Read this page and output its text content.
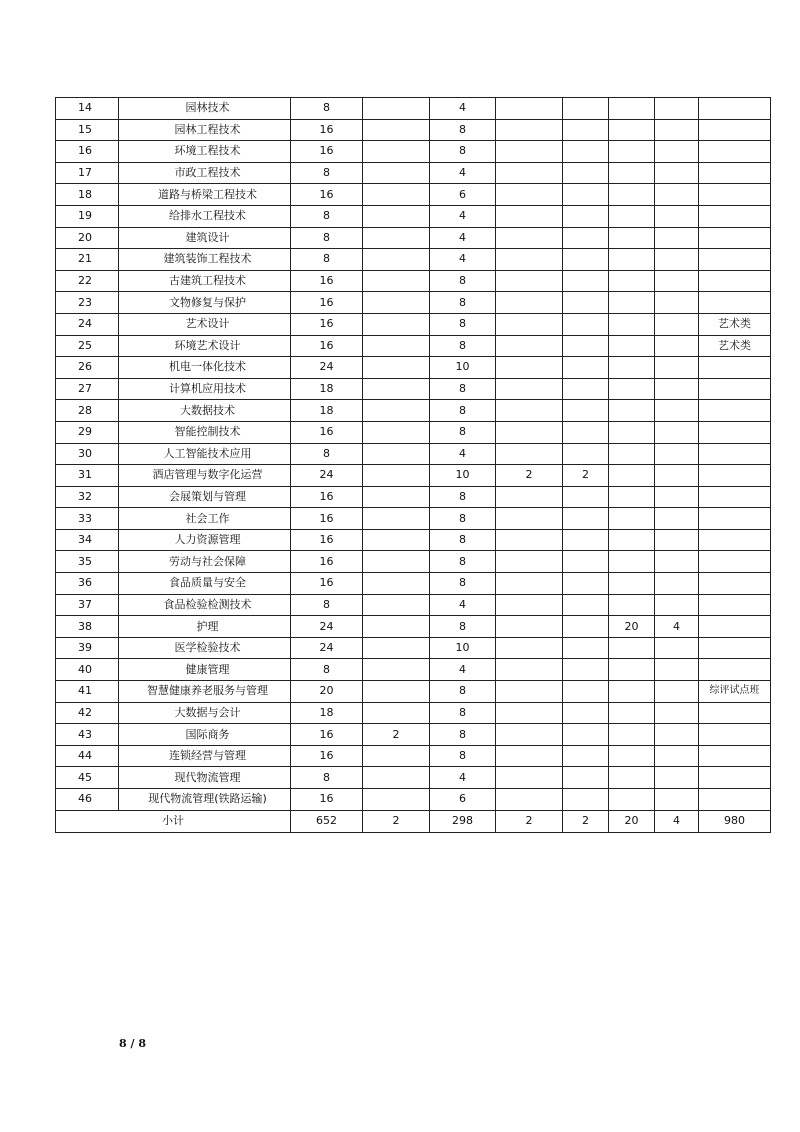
14	园林技术	8		4					
15	园林工程技术	16		8					
16	环境工程技术	16		8					
17	市政工程技术	8		4					
18	道路与桥梁工程技术	16		6					
19	给排水工程技术	8		4					
20	建筑设计	8		4					
21	建筑装饰工程技术	8		4					
22	古建筑工程技术	16		8					
23	文物修复与保护	16		8					
24	艺术设计	16		8					艺术类
25	环境艺术设计	16		8					艺术类
26	机电一体化技术	24		10					
27	计算机应用技术	18		8					
28	大数据技术	18		8					
29	智能控制技术	16		8					
30	人工智能技术应用	8		4					
31	酒店管理与数字化运营	24		10	2	2			
32	会展策划与管理	16		8					
33	社会工作	16		8					
34	人力资源管理	16		8					
35	劳动与社会保障	16		8					
36	食品质量与安全	16		8					
37	食品检验检测技术	8		4					
38	护理	24		8			20	4	
39	医学检验技术	24		10					
40	健康管理	8		4					
41	智慧健康养老服务与管理	20		8					综评试点班
42	大数据与会计	18		8					
43	国际商务	16	2	8					
44	连锁经营与管理	16		8					
45	现代物流管理	8		4					
46	现代物流管理(铁路运输)	16		6					
小计		652	2	298	2	2	20	4	980
8 / 8
